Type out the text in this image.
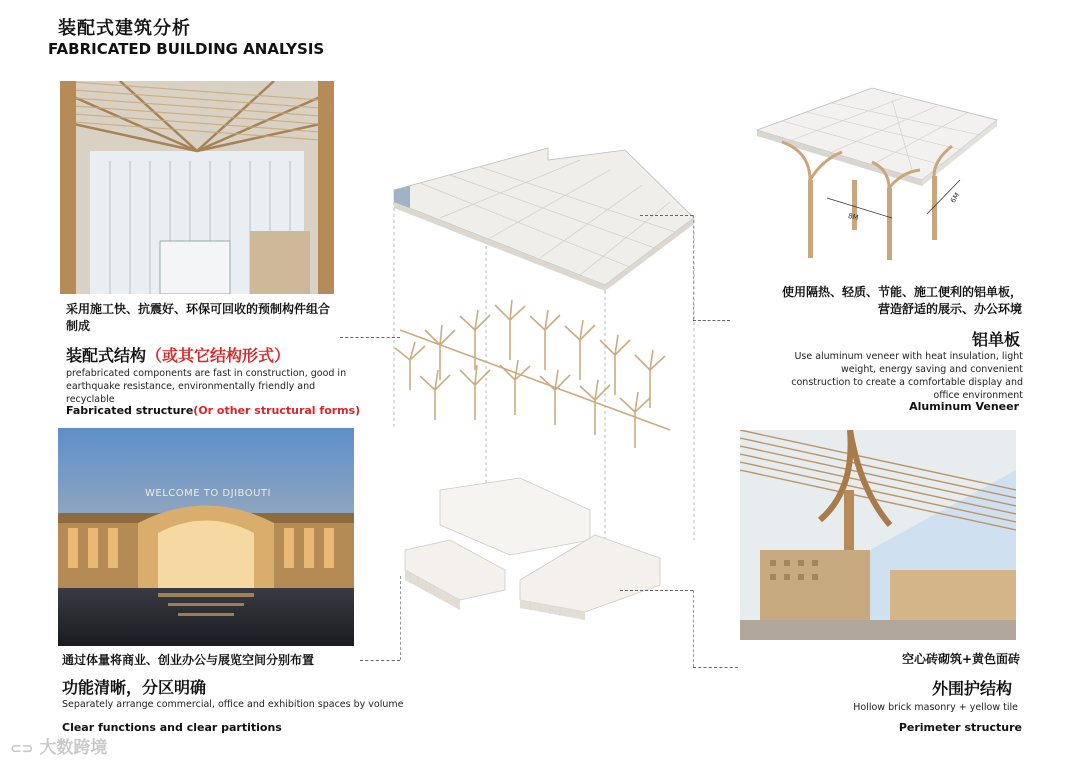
装配式建筑分析
FABRICATED BUILDING ANALYSIS
采用施工快、抗震好、环保可回收的预制构件组合制成
装配式结构（或其它结构形式）
prefabricated components are fast in construction, good in earthquake resistance, environmentally friendly and recyclable
Fabricated structure(Or other structural forms)
WELCOME TO DJIBOUTI
通过体量将商业、创业办公与展览空间分别布置
功能清晰，分区明确
Separately arrange commercial, office and exhibition spaces by volume
Clear functions and clear partitions
⊂⊃ 大数跨境
8M
6M
使用隔热、轻质、节能、施工便利的铝单板，营造舒适的展示、办公环境
铝单板
Use aluminum veneer with heat insulation, light weight, energy saving and convenient construction to create a comfortable display and office environment
Aluminum Veneer
空心砖砌筑+黄色面砖
外围护结构
Hollow brick masonry + yellow tile
Perimeter structure
